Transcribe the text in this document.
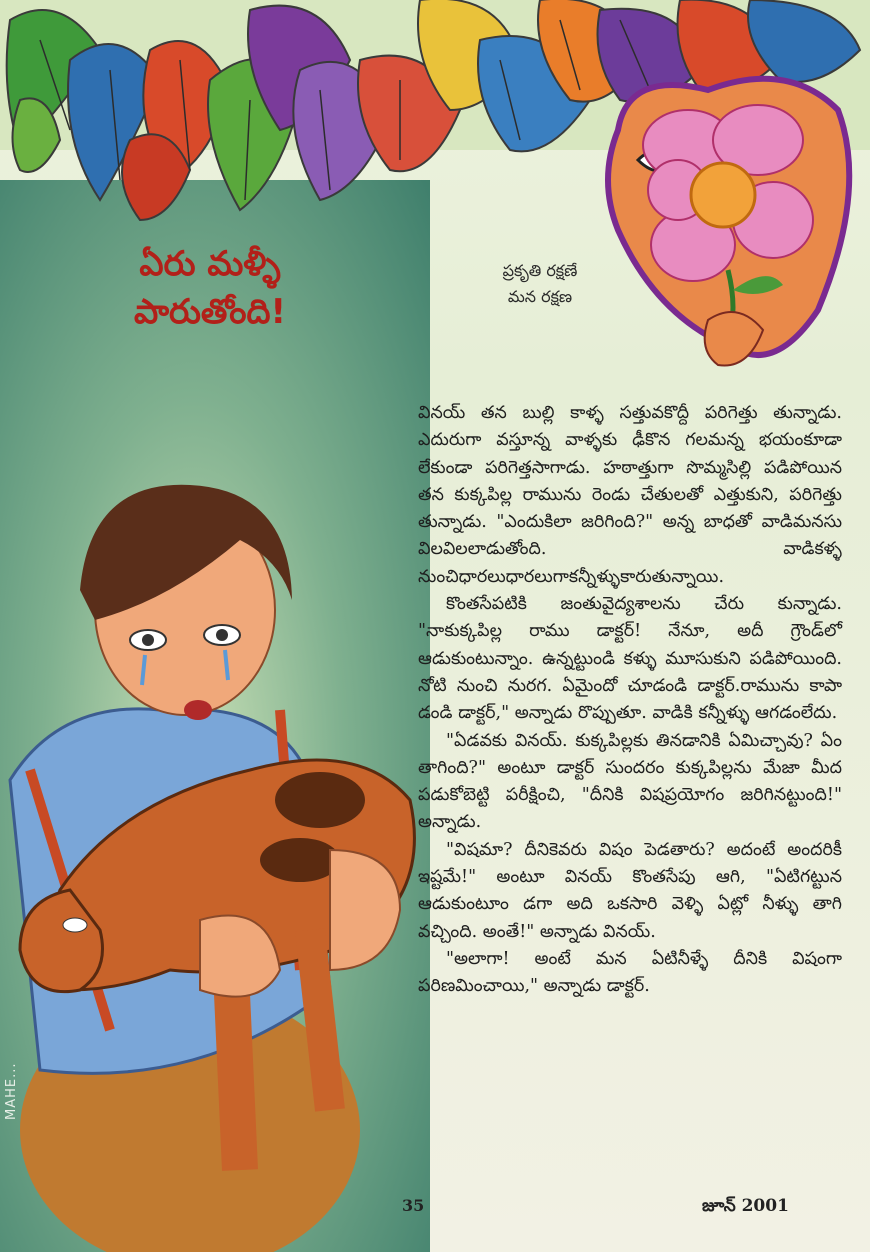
ఏరు మళ్ళీ
పారుతోంది!
ప్రకృతి రక్షణే
మన రక్షణ

వినయ్ తన బుల్లి కాళ్ళ సత్తువకొద్దీ పరిగెత్తు తున్నాడు. ఎదురుగా వస్తూన్న వాళ్ళకు ఢీకొన గలమన్న భయంకూడా లేకుండా పరిగెత్తసాగాడు. హఠాత్తుగా సొమ్మసిల్లి పడిపోయిన తన కుక్కపిల్ల రామును రెండు చేతులతో ఎత్తుకుని, పరిగెత్తు తున్నాడు. "ఎందుకిలా జరిగింది?" అన్న బాధతో వాడిమనసు విలవిలలాడుతోంది. వాడికళ్ళ నుంచిధారలుధారలుగాకన్నీళ్ళుకారుతున్నాయి.

కొంతసేపటికి జంతువైద్యశాలను చేరు కున్నాడు. "నాకుక్కపిల్ల రాము డాక్టర్! నేనూ, అదీ గ్రౌండ్‌లో ఆడుకుంటున్నాం. ఉన్నట్టుండి కళ్ళు మూసుకుని పడిపోయింది. నోటి నుంచి నురగ. ఏమైందో చూడండి డాక్టర్.రామును కాపా డండి డాక్టర్," అన్నాడు రొప్పుతూ. వాడికి కన్నీళ్ళు ఆగడంలేదు.

"ఏడవకు వినయ్. కుక్కపిల్లకు తినడానికి ఏమిచ్చావు? ఏం తాగింది?" అంటూ డాక్టర్ సుందరం కుక్కపిల్లను మేజా మీద పడుకోబెట్టి పరీక్షించి, "దీనికి విషప్రయోగం జరిగినట్టుంది!" అన్నాడు.

"విషమా? దీనికెవరు విషం పెడతారు? అదంటే అందరికీ ఇష్టమే!" అంటూ వినయ్ కొంతసేపు ఆగి, "ఏటిగట్టున ఆడుకుంటూం డగా అది ఒకసారి వెళ్ళి ఏట్లో నీళ్ళు తాగి వచ్చింది. అంతే!" అన్నాడు వినయ్.

"అలాగా! అంటే మన ఏటినీళ్ళే దీనికి విషంగా పరిణమించాయి," అన్నాడు డాక్టర్.

MAHE...
35	జూన్ 2001
